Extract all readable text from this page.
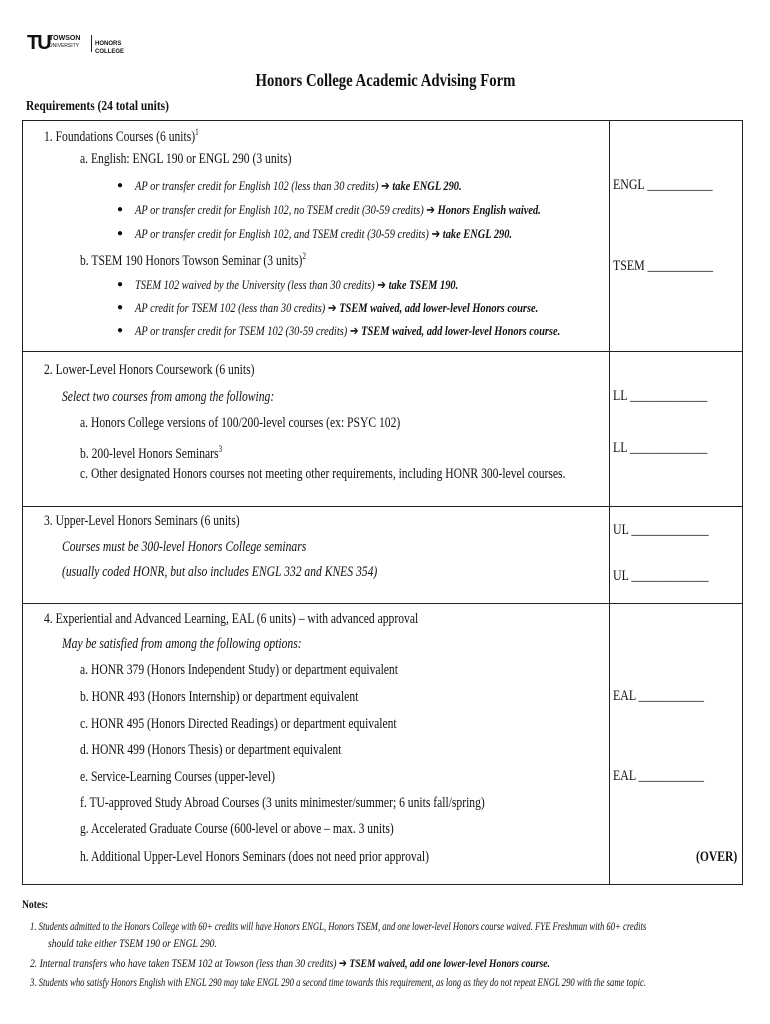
TU TOWSON
UNIVERSITY	HONORS COLLEGE
Honors College Academic Advising Form
Requirements (24 total units)
1. Foundations Courses (6 units)$^1$
a. English: ENGL 190 or ENGL 290 (3 units)
● AP or transfer credit for English 102 (less than 30 credits) ➔ take ENGL 290.
● AP or transfer credit for English 102, no TSEM credit (30-59 credits) ➔ Honors English waived.
● AP or transfer credit for English 102, and TSEM credit (30-59 credits) ➔ take ENGL 290.
b. TSEM 190 Honors Towson Seminar (3 units)$^2$
● TSEM 102 waived by the University (less than 30 credits) ➔ take TSEM 190.
● AP credit for TSEM 102 (less than 30 credits) ➔ TSEM waived, add lower-level Honors course.
● AP or transfer credit for TSEM 102 (30-59 credits) ➔ TSEM waived, add lower-level Honors course.
ENGL ___________
TSEM ___________
2. Lower-Level Honors Coursework (6 units)
Select two courses from among the following:
a. Honors College versions of 100/200-level courses (ex: PSYC 102)
b. 200-level Honors Seminars$^3$
c. Other designated Honors courses not meeting other requirements, including HONR 300-level courses.
LL _____________
LL _____________
3. Upper-Level Honors Seminars (6 units)
Courses must be 300-level Honors College seminars
(usually coded HONR, but also includes ENGL 332 and KNES 354)
UL _____________
UL _____________
4. Experiential and Advanced Learning, EAL (6 units) – with advanced approval
May be satisfied from among the following options:
a. HONR 379 (Honors Independent Study) or department equivalent
b. HONR 493 (Honors Internship) or department equivalent
c. HONR 495 (Honors Directed Readings) or department equivalent
d. HONR 499 (Honors Thesis) or department equivalent
e. Service-Learning Courses (upper-level)
f. TU-approved Study Abroad Courses (3 units minimester/summer; 6 units fall/spring)
g. Accelerated Graduate Course (600-level or above – max. 3 units)
h. Additional Upper-Level Honors Seminars (does not need prior approval)
EAL ___________
EAL ___________
(OVER)
Notes:
1. Students admitted to the Honors College with 60+ credits will have Honors ENGL, Honors TSEM, and one lower-level Honors course waived. FYE Freshman with 60+ credits
should take either TSEM 190 or ENGL 290.
2. Internal transfers who have taken TSEM 102 at Towson (less than 30 credits) ➔ TSEM waived, add one lower-level Honors course.
3. Students who satisfy Honors English with ENGL 290 may take ENGL 290 a second time towards this requirement, as long as they do not repeat ENGL 290 with the same topic.
